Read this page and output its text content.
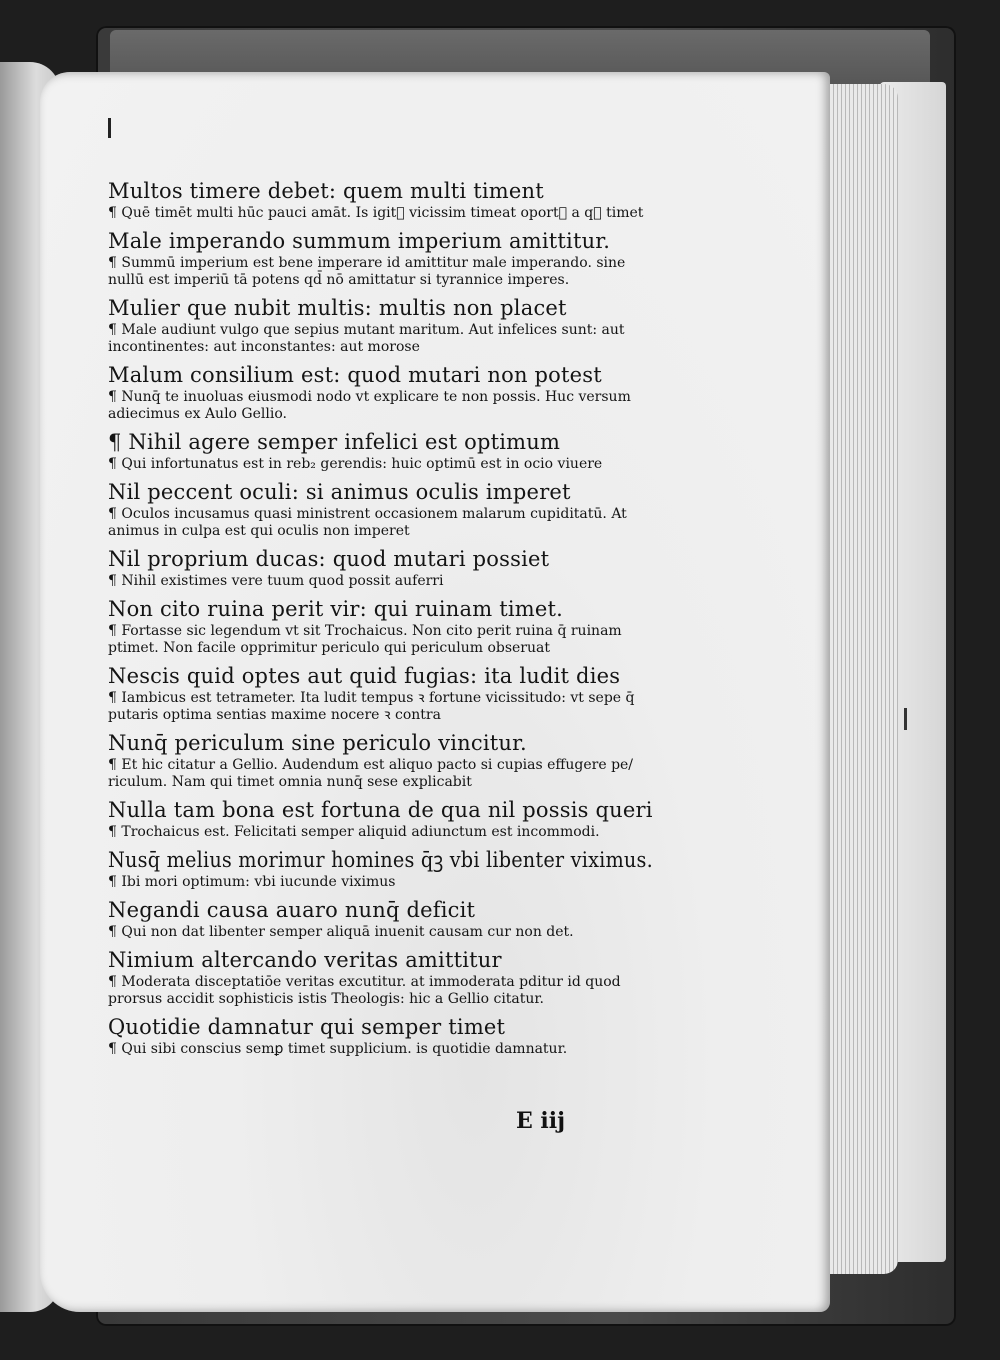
Multos timere debet: quem multi timent
¶ Quē timēt multi hūc pauci amāt. Is igit᷑ vicissim timeat oportꝫ a qꝰ timet
Male imperando summum imperium amittitur.
¶ Summū imperium est bene imperare id amittitur male imperando. sine
nullū est imperiū tā potens qd̄ nō amittatur si tyrannice imperes.
Mulier que nubit multis: multis non placet
¶ Male audiunt vulgo que sepius mutant maritum. Aut infelices sunt: aut
incontinentes: aut inconstantes: aut morose
Malum consilium est: quod mutari non potest
¶ Nunq̄ te inuoluas eiusmodi nodo vt explicare te non possis. Huc versum
adiecimus ex Aulo Gellio.
¶ Nihil agere semper infelici est optimum
¶ Qui infortunatus est in reb₂ gerendis: huic optimū est in ocio viuere
Nil peccent oculi: si animus oculis imperet
¶ Oculos incusamus quasi ministrent occasionem malarum cupiditatū. At
animus in culpa est qui oculis non imperet
Nil proprium ducas: quod mutari possiet
¶ Nihil existimes vere tuum quod possit auferri
Non cito ruina perit vir: qui ruinam timet.
¶ Fortasse sic legendum vt sit Trochaicus. Non cito perit ruina q̄ ruinam
ptimet. Non facile opprimitur periculo qui periculum obseruat
Nescis quid optes aut quid fugias: ita ludit dies
¶ Iambicus est tetrameter. Ita ludit tempus ꝛ fortune vicissitudo: vt sepe q̄
putaris optima sentias maxime nocere ꝛ contra
Nunq̄ periculum sine periculo vincitur.
¶ Et hic citatur a Gellio. Audendum est aliquo pacto si cupias effugere pe/
riculum. Nam qui timet omnia nunq̄ sese explicabit
Nulla tam bona est fortuna de qua nil possis queri
¶ Trochaicus est. Felicitati semper aliquid adiunctum est incommodi.
Nusq̄ melius morimur homines q̄ꝫ vbi libenter viximus.
¶ Ibi mori optimum: vbi iucunde viximus
Negandi causa auaro nunq̄ deficit
¶ Qui non dat libenter semper aliquā inuenit causam cur non det.
Nimium altercando veritas amittitur
¶ Moderata disceptatiōe veritas excutitur. at immoderata pditur id quod
prorsus accidit sophisticis istis Theologis: hic a Gellio citatur.
Quotidie damnatur qui semper timet
¶ Qui sibi conscius semꝑ timet supplicium. is quotidie damnatur.
E iij
